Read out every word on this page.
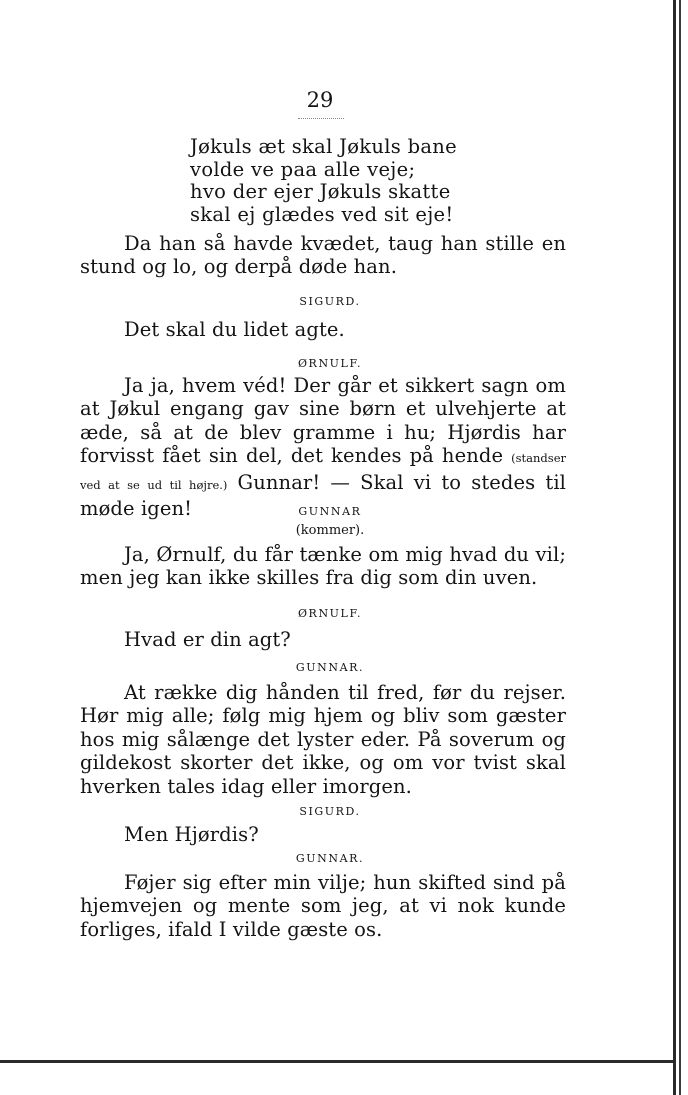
29
Jøkuls æt skal Jøkuls bane
volde ve paa alle veje;
hvo der ejer Jøkuls skatte
skal ej glædes ved sit eje!
Da han så havde kvædet, taug han stille en stund og lo, og derpå døde han.
SIGURD.
Det skal du lidet agte.
ØRNULF.
Ja ja, hvem véd! Der går et sikkert sagn om at Jøkul engang gav sine børn et ulvehjerte at æde, så at de blev gramme i hu; Hjørdis har forvisst fået sin del, det kendes på hende (standser ved at se ud til højre.) Gunnar! — Skal vi to stedes til møde igen!	GUNNAR
(kommer).
Ja, Ørnulf, du får tænke om mig hvad du vil; men jeg kan ikke skilles fra dig som din uven.
ØRNULF.
Hvad er din agt?
GUNNAR.
At række dig hånden til fred, før du rejser. Hør mig alle; følg mig hjem og bliv som gæster hos mig sålænge det lyster eder. På soverum og gildekost skorter det ikke, og om vor tvist skal hverken tales idag eller imorgen.
SIGURD.
Men Hjørdis?
GUNNAR.
Føjer sig efter min vilje; hun skifted sind på hjemvejen og mente som jeg, at vi nok kunde forliges, ifald I vilde gæste os.
